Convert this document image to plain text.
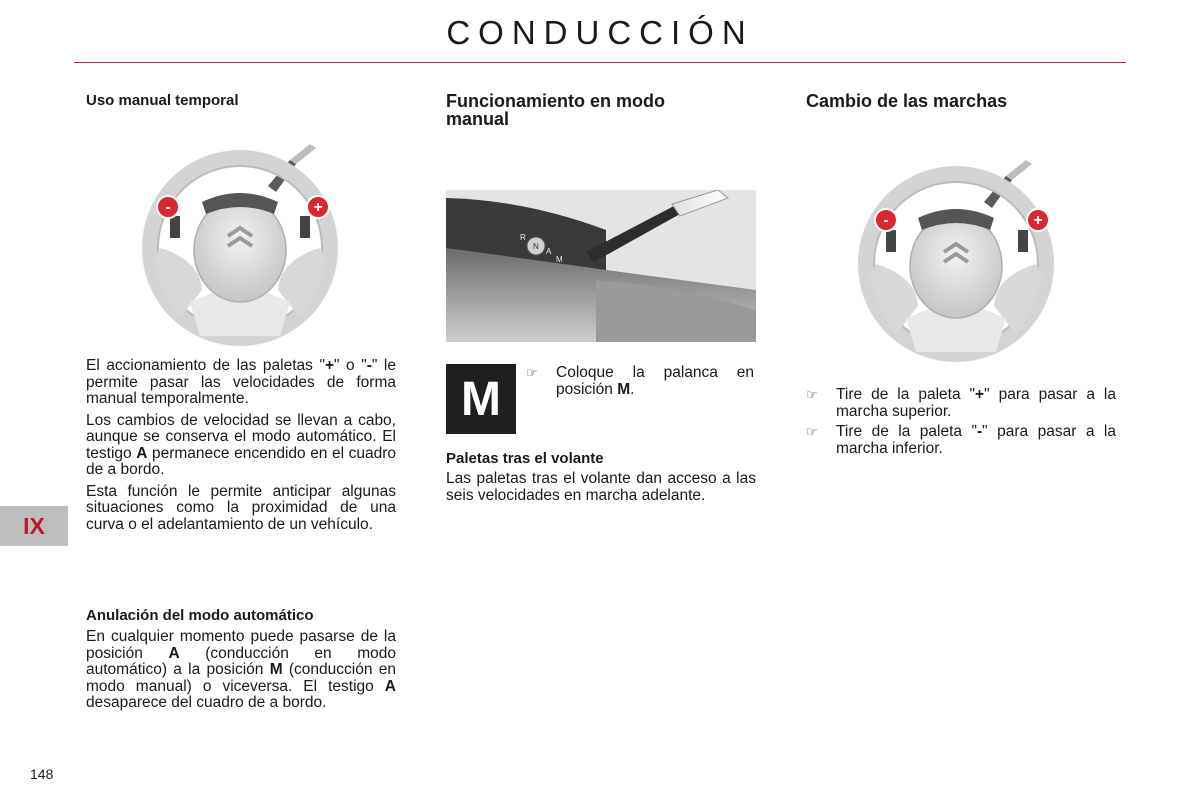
CONDUCCIÓN
IX
148
Uso manual temporal
-	+

El accionamiento de las paletas "+" o "-" le permite pasar las velocidades de forma manual temporalmente.

Los cambios de velocidad se llevan a cabo, aunque se conserva el modo automático. El testigo A permanece encendido en el cuadro de a bordo.

Esta función le permite anticipar algunas situaciones como la proximidad de una curva o el adelantamiento de un vehículo.

Anulación del modo automático

En cualquier momento puede pasarse de la posición A (conducción en modo automático) a la posición M (conducción en modo manual) o viceversa. El testigo A desaparece del cuadro de a bordo.

Funcionamiento en modo
manual
R
N
A
M
M	☞	Coloque la palanca en posición M.
Paletas tras el volante

Las paletas tras el volante dan acceso a las seis velocidades en marcha adelante.

Cambio de las marchas
-	+
☞	Tire de la paleta "+" para pasar a la marcha superior.
☞	Tire de la paleta "-" para pasar a la marcha inferior.
